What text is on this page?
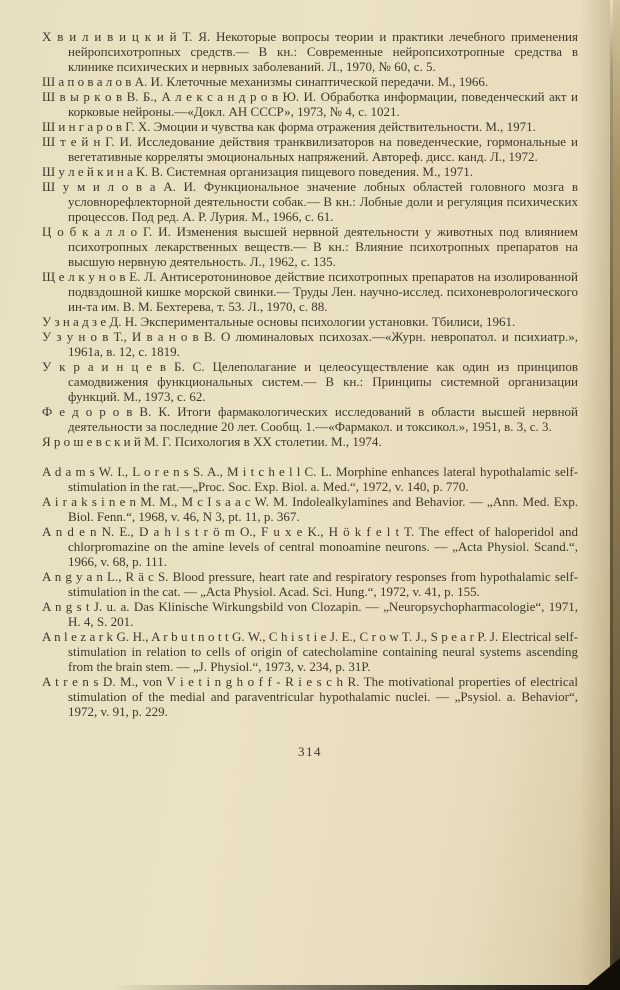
Х в и л и в и ц к и й Т. Я. Некоторые вопросы теории и практики лечебного применения нейропсихотропных средств.— В кн.: Современные нейропсихотропные средства в клинике психических и нервных заболеваний. Л., 1970, № 60, с. 5.

Ш а п о в а л о в А. И. Клеточные механизмы синаптической передачи. М., 1966.

Ш в ы р к о в В. Б., А л е к с а н д р о в Ю. И. Обработка информации, поведенческий акт и корковые нейроны.—«Докл. АН СССР», 1973, № 4, с. 1021.

Ш и н г а р о в Г. Х. Эмоции и чувства как форма отражения действительности. М., 1971.

Ш т е й н Г. И. Исследование действия транквилизаторов на поведенческие, гормональные и вегетативные корреляты эмоциональных напряжений. Автореф. дисс. канд. Л., 1972.

Ш у л е й к и н а К. В. Системная организация пищевого поведения. М., 1971.

Ш у м и л о в а А. И. Функциональное значение лобных областей головного мозга в условнорефлекторной деятельности собак.— В кн.: Лобные доли и регуляция психических процессов. Под ред. А. Р. Лурия. М., 1966, с. 61.

Ц о б к а л л о Г. И. Изменения высшей нервной деятельности у животных под влиянием психотропных лекарственных веществ.— В кн.: Влияние психотропных препаратов на высшую нервную деятельность. Л., 1962, с. 135.

Щ е л к у н о в Е. Л. Антисеротониновое действие психотропных препаратов на изолированной подвздошной кишке морской свинки.— Труды Лен. научно-исслед. психоневрологического ин-та им. В. М. Бехтерева, т. 53. Л., 1970, с. 88.

У з н а д з е Д. Н. Экспериментальные основы психологии установки. Тбилиси, 1961.

У з у н о в Т., И в а н о в В. О люминаловых психозах.—«Журн. невропатол. и психиатр.», 1961а, в. 12, с. 1819.

У к р а и н ц е в Б. С. Целеполагание и целеосуществление как один из принципов самодвижения функциональных систем.— В кн.: Принципы системной организации функций. М., 1973, с. 62.

Ф е д о р о в В. К. Итоги фармакологических исследований в области высшей нервной деятельности за последние 20 лет. Сообщ. 1.—«Фармакол. и токсикол.», 1951, в. 3, с. 3.

Я р о ш е в с к и й М. Г. Психология в XX столетии. М., 1974.

A d a m s W. I., L o r e n s S. A., M i t c h e l l C. L. Morphine enhances lateral hypothalamic self-stimulation in the rat.—„Proc. Soc. Exp. Biol. a. Med.“, 1972, v. 140, p. 770.

A i r a k s i n e n M. M., M c I s a a c W. M. Indolealkylamines and Behavior. — „Ann. Med. Exp. Biol. Fenn.“, 1968, v. 46, N 3, pt. 11, p. 367.

A n d e n N. E., D a h l s t r ö m O., F u x e K., H ö k f e l t T. The effect of haloperidol and chlorpromazine on the amine levels of central monoamine neurons. — „Acta Physiol. Scand.“, 1966, v. 68, p. 111.

A n g y a n L., R ä c S. Blood pressure, heart rate and respiratory responses from hypothalamic self-stimulation in the cat. — „Acta Physiol. Acad. Sci. Hung.“, 1972, v. 41, p. 155.

A n g s t J. u. a. Das Klinische Wirkungsbild von Clozapin. — „Neuropsychopharmacologie“, 1971, H. 4, S. 201.

A n l e z a r k G. H., A r b u t n o t t G. W., C h i s t i e J. E., C r o w T. J., S p e a r P. J. Electrical self-stimulation in relation to cells of origin of catecholamine containing neural systems ascending from the brain stem. — „J. Physiol.“, 1973, v. 234, p. 31P.

A t r e n s D. M., von V i e t i n g h o f f - R i e s c h R. The motivational properties of electrical stimulation of the medial and paraventricular hypothalamic nuclei. — „Psysiol. a. Behavior“, 1972, v. 91, p. 229.

314
